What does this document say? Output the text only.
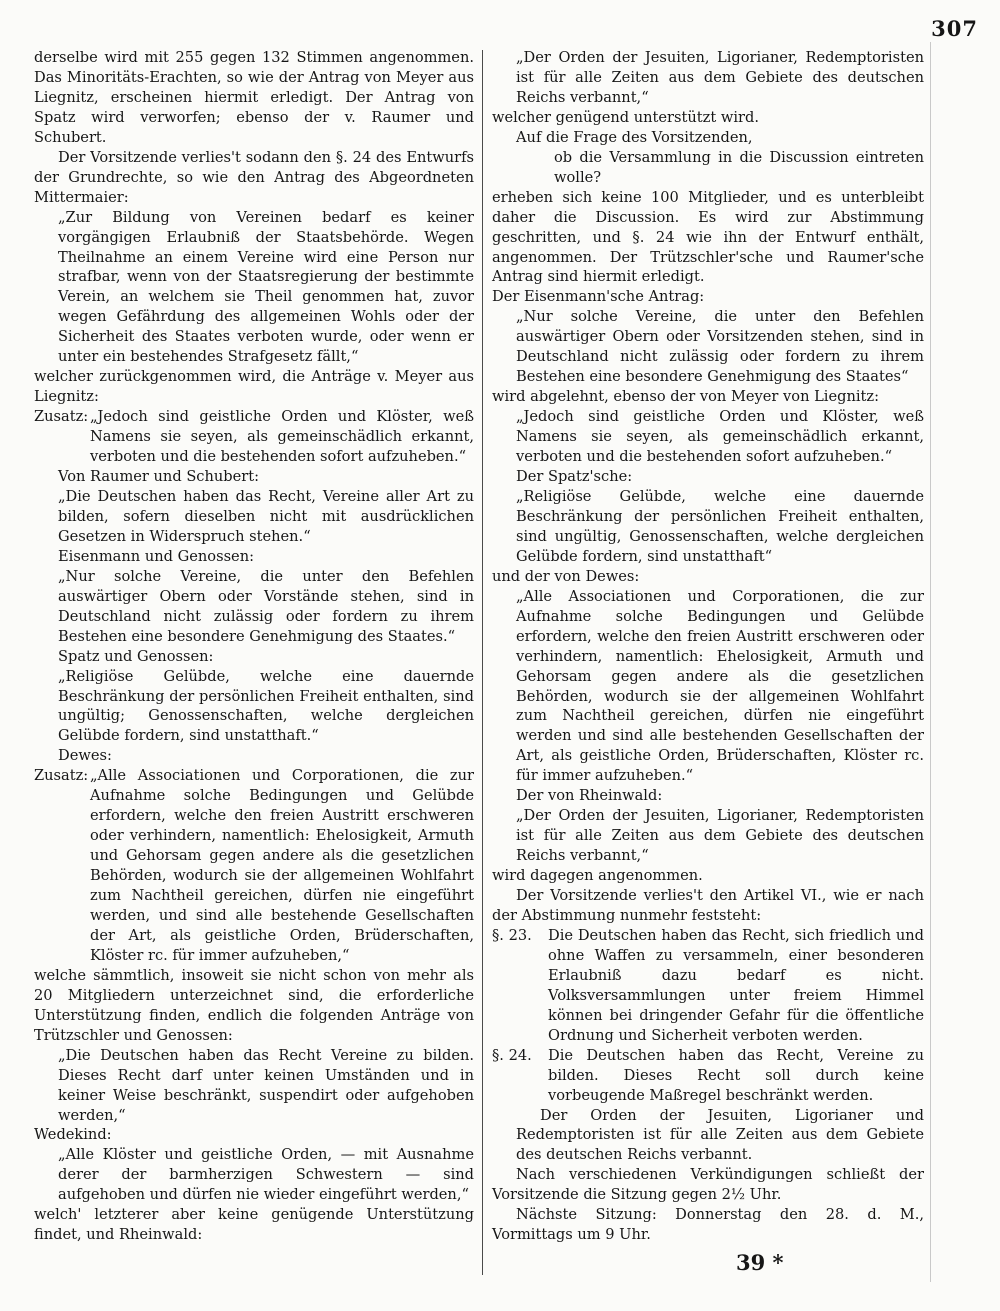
307

derselbe wird mit 255 gegen 132 Stimmen angenommen. Das Minoritäts-Erachten, so wie der Antrag von Meyer aus Liegnitz, erscheinen hiermit erledigt. Der Antrag von Spatz wird verworfen; ebenso der v. Raumer und Schubert.

Der Vorsitzende verlies't sodann den §. 24 des Entwurfs der Grundrechte, so wie den Antrag des Abgeordneten Mittermaier:

„Zur Bildung von Vereinen bedarf es keiner vorgängigen Erlaubniß der Staatsbehörde. Wegen Theilnahme an einem Vereine wird eine Person nur strafbar, wenn von der Staatsregierung der bestimmte Verein, an welchem sie Theil genommen hat, zuvor wegen Gefährdung des allgemeinen Wohls oder der Sicherheit des Staates verboten wurde, oder wenn er unter ein bestehendes Strafgesetz fällt,“

welcher zurückgenommen wird, die Anträge v. Meyer aus Liegnitz:

Zusatz: „Jedoch sind geistliche Orden und Klöster, weß Namens sie seyen, als gemeinschädlich erkannt, verboten und die bestehenden sofort aufzuheben.“

Von Raumer und Schubert:

„Die Deutschen haben das Recht, Vereine aller Art zu bilden, sofern dieselben nicht mit ausdrücklichen Gesetzen in Widerspruch stehen.“

Eisenmann und Genossen:

„Nur solche Vereine, die unter den Befehlen auswärtiger Obern oder Vorstände stehen, sind in Deutschland nicht zulässig oder fordern zu ihrem Bestehen eine besondere Genehmigung des Staates.“

Spatz und Genossen:

„Religiöse Gelübde, welche eine dauernde Beschränkung der persönlichen Freiheit enthalten, sind ungültig; Genossenschaften, welche dergleichen Gelübde fordern, sind unstatthaft.“

Dewes:

Zusatz: „Alle Associationen und Corporationen, die zur Aufnahme solche Bedingungen und Gelübde erfordern, welche den freien Austritt erschweren oder verhindern, namentlich: Ehelosigkeit, Armuth und Gehorsam gegen andere als die gesetzlichen Behörden, wodurch sie der allgemeinen Wohlfahrt zum Nachtheil gereichen, dürfen nie eingeführt werden, und sind alle bestehende Gesellschaften der Art, als geistliche Orden, Brüderschaften, Klöster rc. für immer aufzuheben,“

welche sämmtlich, insoweit sie nicht schon von mehr als 20 Mitgliedern unterzeichnet sind, die erforderliche Unterstützung finden, endlich die folgenden Anträge von Trützschler und Genossen:

„Die Deutschen haben das Recht Vereine zu bilden. Dieses Recht darf unter keinen Umständen und in keiner Weise beschränkt, suspendirt oder aufgehoben werden,“

Wedekind:

„Alle Klöster und geistliche Orden, — mit Ausnahme derer der barmherzigen Schwestern — sind aufgehoben und dürfen nie wieder eingeführt werden,“

welch' letzterer aber keine genügende Unterstützung findet, und Rheinwald:

„Der Orden der Jesuiten, Ligorianer, Redemptoristen ist für alle Zeiten aus dem Gebiete des deutschen Reichs verbannt,“

welcher genügend unterstützt wird.

Auf die Frage des Vorsitzenden,

ob die Versammlung in die Discussion eintreten wolle?

erheben sich keine 100 Mitglieder, und es unterbleibt daher die Discussion. Es wird zur Abstimmung geschritten, und §. 24 wie ihn der Entwurf enthält, angenommen. Der Trützschler'sche und Raumer'sche Antrag sind hiermit erledigt.

Der Eisenmann'sche Antrag:

„Nur solche Vereine, die unter den Befehlen auswärtiger Obern oder Vorsitzenden stehen, sind in Deutschland nicht zulässig oder fordern zu ihrem Bestehen eine besondere Genehmigung des Staates“

wird abgelehnt, ebenso der von Meyer von Liegnitz:

„Jedoch sind geistliche Orden und Klöster, weß Namens sie seyen, als gemeinschädlich erkannt, verboten und die bestehenden sofort aufzuheben.“

Der Spatz'sche:

„Religiöse Gelübde, welche eine dauernde Beschränkung der persönlichen Freiheit enthalten, sind ungültig, Genossenschaften, welche dergleichen Gelübde fordern, sind unstatthaft“

und der von Dewes:

„Alle Associationen und Corporationen, die zur Aufnahme solche Bedingungen und Gelübde erfordern, welche den freien Austritt erschweren oder verhindern, namentlich: Ehelosigkeit, Armuth und Gehorsam gegen andere als die gesetzlichen Behörden, wodurch sie der allgemeinen Wohlfahrt zum Nachtheil gereichen, dürfen nie eingeführt werden und sind alle bestehenden Gesellschaften der Art, als geistliche Orden, Brüderschaften, Klöster rc. für immer aufzuheben.“

Der von Rheinwald:

„Der Orden der Jesuiten, Ligorianer, Redemptoristen ist für alle Zeiten aus dem Gebiete des deutschen Reichs verbannt,“

wird dagegen angenommen.

Der Vorsitzende verlies't den Artikel VI., wie er nach der Abstimmung nunmehr feststeht:

§. 23.	Die Deutschen haben das Recht, sich friedlich und ohne Waffen zu versammeln, einer besonderen Erlaubniß dazu bedarf es nicht. Volksversammlungen unter freiem Himmel können bei dringender Gefahr für die öffentliche Ordnung und Sicherheit verboten werden.
§. 24.	Die Deutschen haben das Recht, Vereine zu bilden. Dieses Recht soll durch keine vorbeugende Maßregel beschränkt werden.

Der Orden der Jesuiten, Ligorianer und Redemptoristen ist für alle Zeiten aus dem Gebiete des deutschen Reichs verbannt.

Nach verschiedenen Verkündigungen schließt der Vorsitzende die Sitzung gegen 2½ Uhr.

Nächste Sitzung: Donnerstag den 28. d. M., Vormittags um 9 Uhr.

39 *
